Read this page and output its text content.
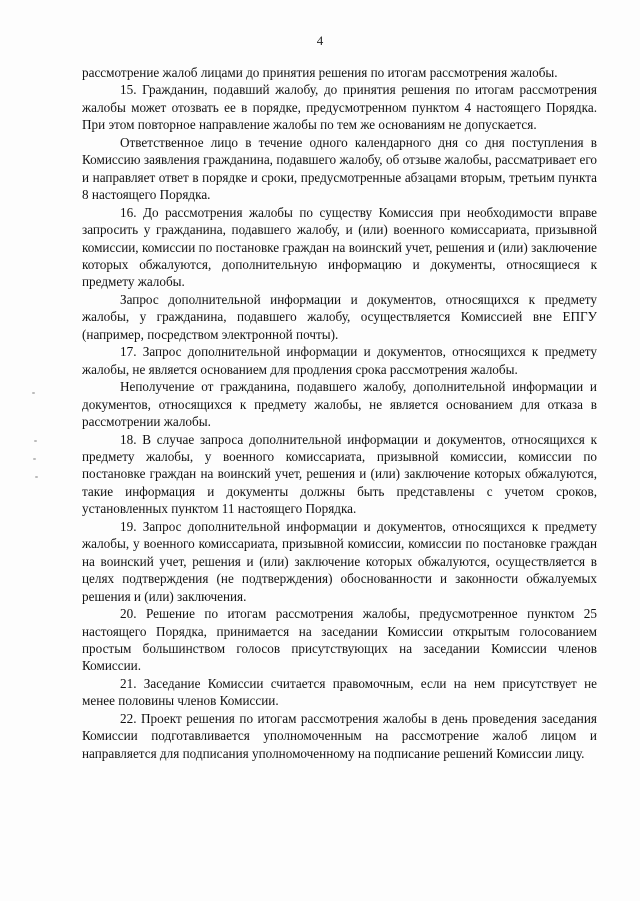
4

рассмотрение жалоб лицами до принятия решения по итогам рассмотрения жалобы.

15. Гражданин, подавший жалобу, до принятия решения по итогам рассмотрения жалобы может отозвать ее в порядке, предусмотренном пунктом 4 настоящего Порядка. При этом повторное направление жалобы по тем же основаниям не допускается.

Ответственное лицо в течение одного календарного дня со дня поступления в Комиссию заявления гражданина, подавшего жалобу, об отзыве жалобы, рассматривает его и направляет ответ в порядке и сроки, предусмотренные абзацами вторым, третьим пункта 8 настоящего Порядка.

16. До рассмотрения жалобы по существу Комиссия при необходимости вправе запросить у гражданина, подавшего жалобу, и (или) военного комиссариата, призывной комиссии, комиссии по постановке граждан на воинский учет, решения и (или) заключение которых обжалуются, дополнительную информацию и документы, относящиеся к предмету жалобы.

Запрос дополнительной информации и документов, относящихся к предмету жалобы, у гражданина, подавшего жалобу, осуществляется Комиссией вне ЕПГУ (например, посредством электронной почты).

17. Запрос дополнительной информации и документов, относящихся к предмету жалобы, не является основанием для продления срока рассмотрения жалобы.

Неполучение от гражданина, подавшего жалобу, дополнительной информации и документов, относящихся к предмету жалобы, не является основанием для отказа в рассмотрении жалобы.

18. В случае запроса дополнительной информации и документов, относящихся к предмету жалобы, у военного комиссариата, призывной комиссии, комиссии по постановке граждан на воинский учет, решения и (или) заключение которых обжалуются, такие информация и документы должны быть представлены с учетом сроков, установленных пунктом 11 настоящего Порядка.

19. Запрос дополнительной информации и документов, относящихся к предмету жалобы, у военного комиссариата, призывной комиссии, комиссии по постановке граждан на воинский учет, решения и (или) заключение которых обжалуются, осуществляется в целях подтверждения (не подтверждения) обоснованности и законности обжалуемых решения и (или) заключения.

20. Решение по итогам рассмотрения жалобы, предусмотренное пунктом 25 настоящего Порядка, принимается на заседании Комиссии открытым голосованием простым большинством голосов присутствующих на заседании Комиссии членов Комиссии.

21. Заседание Комиссии считается правомочным, если на нем присутствует не менее половины членов Комиссии.

22. Проект решения по итогам рассмотрения жалобы в день проведения заседания Комиссии подготавливается уполномоченным на рассмотрение жалоб лицом и направляется для подписания уполномоченному на подписание решений Комиссии лицу.
